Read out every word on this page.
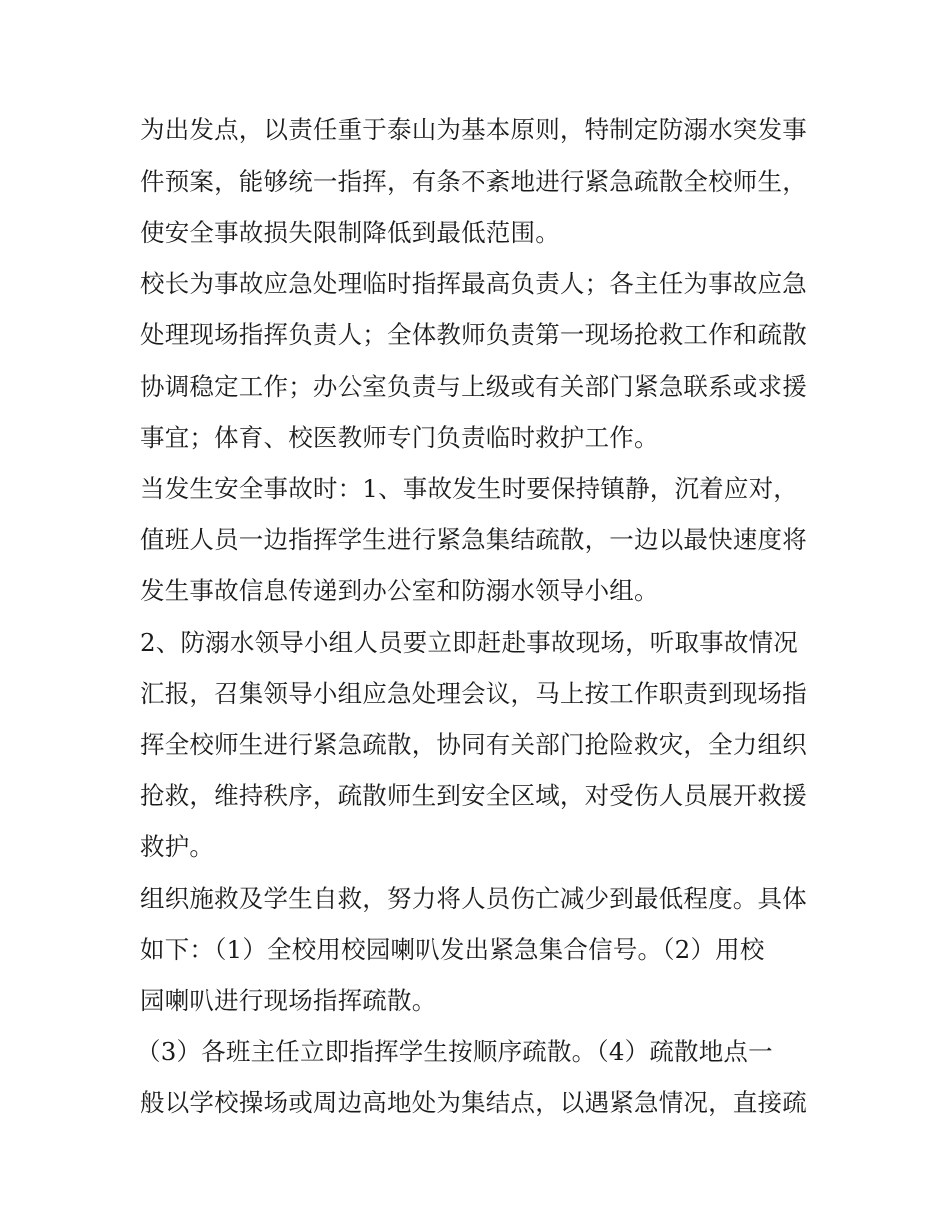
为出发点，以责任重于泰山为基本原则，特制定防溺水突发事
件预案，能够统一指挥，有条不紊地进行紧急疏散全校师生，
使安全事故损失限制降低到最低范围。
校长为事故应急处理临时指挥最高负责人；各主任为事故应急
处理现场指挥负责人；全体教师负责第一现场抢救工作和疏散
协调稳定工作；办公室负责与上级或有关部门紧急联系或求援
事宜；体育、校医教师专门负责临时救护工作。
当发生安全事故时：1、事故发生时要保持镇静，沉着应对，
值班人员一边指挥学生进行紧急集结疏散，一边以最快速度将
发生事故信息传递到办公室和防溺水领导小组。
2、防溺水领导小组人员要立即赶赴事故现场，听取事故情况
汇报，召集领导小组应急处理会议，马上按工作职责到现场指
挥全校师生进行紧急疏散，协同有关部门抢险救灾，全力组织
抢救，维持秩序，疏散师生到安全区域，对受伤人员展开救援
救护。
组织施救及学生自救，努力将人员伤亡减少到最低程度。具体
如下：（1）全校用校园喇叭发出紧急集合信号。（2）用校
园喇叭进行现场指挥疏散。
（3）各班主任立即指挥学生按顺序疏散。（4）疏散地点一
般以学校操场或周边高地处为集结点，以遇紧急情况，直接疏
